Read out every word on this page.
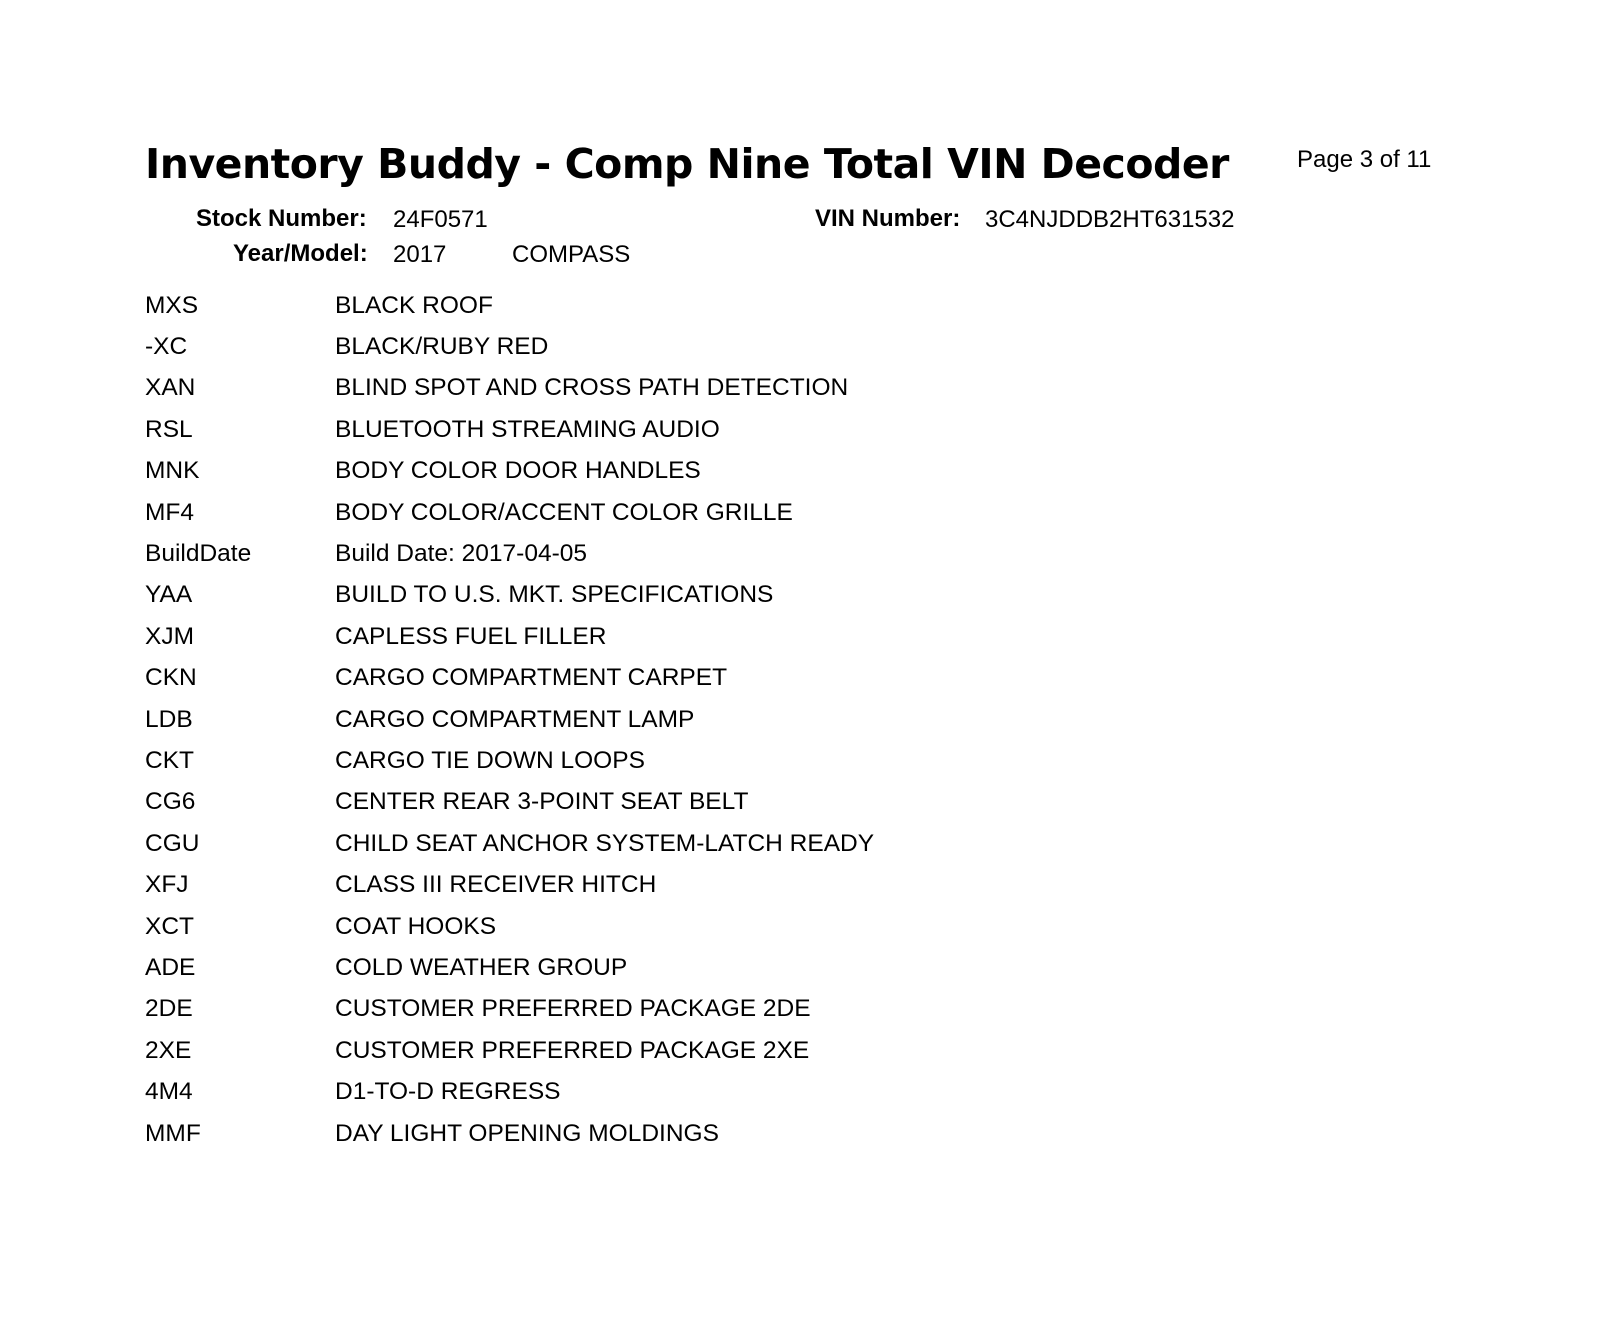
Inventory Buddy - Comp Nine Total VIN Decoder	Page 3 of 11
Stock Number: 24F0571	VIN Number: 3C4NJDDB2HT631532
Year/Model: 2017	COMPASS
MXS	BLACK ROOF
-XC	BLACK/RUBY RED
XAN	BLIND SPOT AND CROSS PATH DETECTION
RSL	BLUETOOTH STREAMING AUDIO
MNK	BODY COLOR DOOR HANDLES
MF4	BODY COLOR/ACCENT COLOR GRILLE
BuildDate	Build Date: 2017-04-05
YAA	BUILD TO U.S. MKT. SPECIFICATIONS
XJM	CAPLESS FUEL FILLER
CKN	CARGO COMPARTMENT CARPET
LDB	CARGO COMPARTMENT LAMP
CKT	CARGO TIE DOWN LOOPS
CG6	CENTER REAR 3-POINT SEAT BELT
CGU	CHILD SEAT ANCHOR SYSTEM-LATCH READY
XFJ	CLASS III RECEIVER HITCH
XCT	COAT HOOKS
ADE	COLD WEATHER GROUP
2DE	CUSTOMER PREFERRED PACKAGE 2DE
2XE	CUSTOMER PREFERRED PACKAGE 2XE
4M4	D1-TO-D REGRESS
MMF	DAY LIGHT OPENING MOLDINGS
